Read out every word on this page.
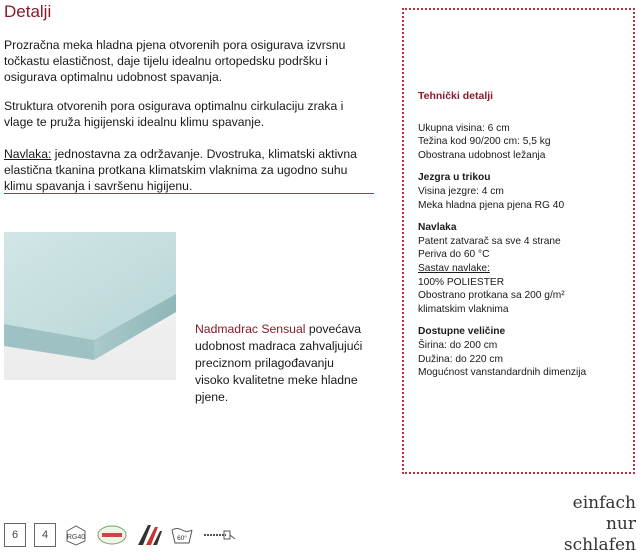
Detalji
Prozračna meka hladna pjena otvorenih pora osigurava izvrsnu točkastu elastičnost, daje tijelu idealnu ortopedsku podršku i osigurava optimalnu udobnost spavanja.
Struktura otvorenih pora osigurava optimalnu cirkulaciju zraka i vlage te pruža higijenski idealnu klimu spavanje.
Navlaka: jednostavna za održavanje. Dvostruka, klimatski aktivna elastična tkanina protkana klimatskim vlaknima za ugodno suhu klimu spavanja i savršenu higijenu.
Nadmadrac Sensual povećava udobnost madraca zahvaljujući preciznom prilagođavanju visoko kvalitetne meke hladne pjene.
Tehnički detalji
Ukupna visina: 6 cm
Težina kod 90/200 cm: 5,5 kg
Obostrana udobnost ležanja
Jezgra u trikou
Visina jezgre: 4 cm
Meka hladna pjena pjena RG 40
Navlaka
Patent zatvarač sa sve 4 strane
Periva do 60 °C
Sastav navlake:
100% POLIESTER
Obostrano protkana sa 200 g/m²
klimatskim vlaknima
Dostupne veličine
Širina: do 200 cm
Dužina: do 220 cm
Mogućnost vanstandardnih dimenzija
einfach
nur
schlafen
6 4	RG40	60°
